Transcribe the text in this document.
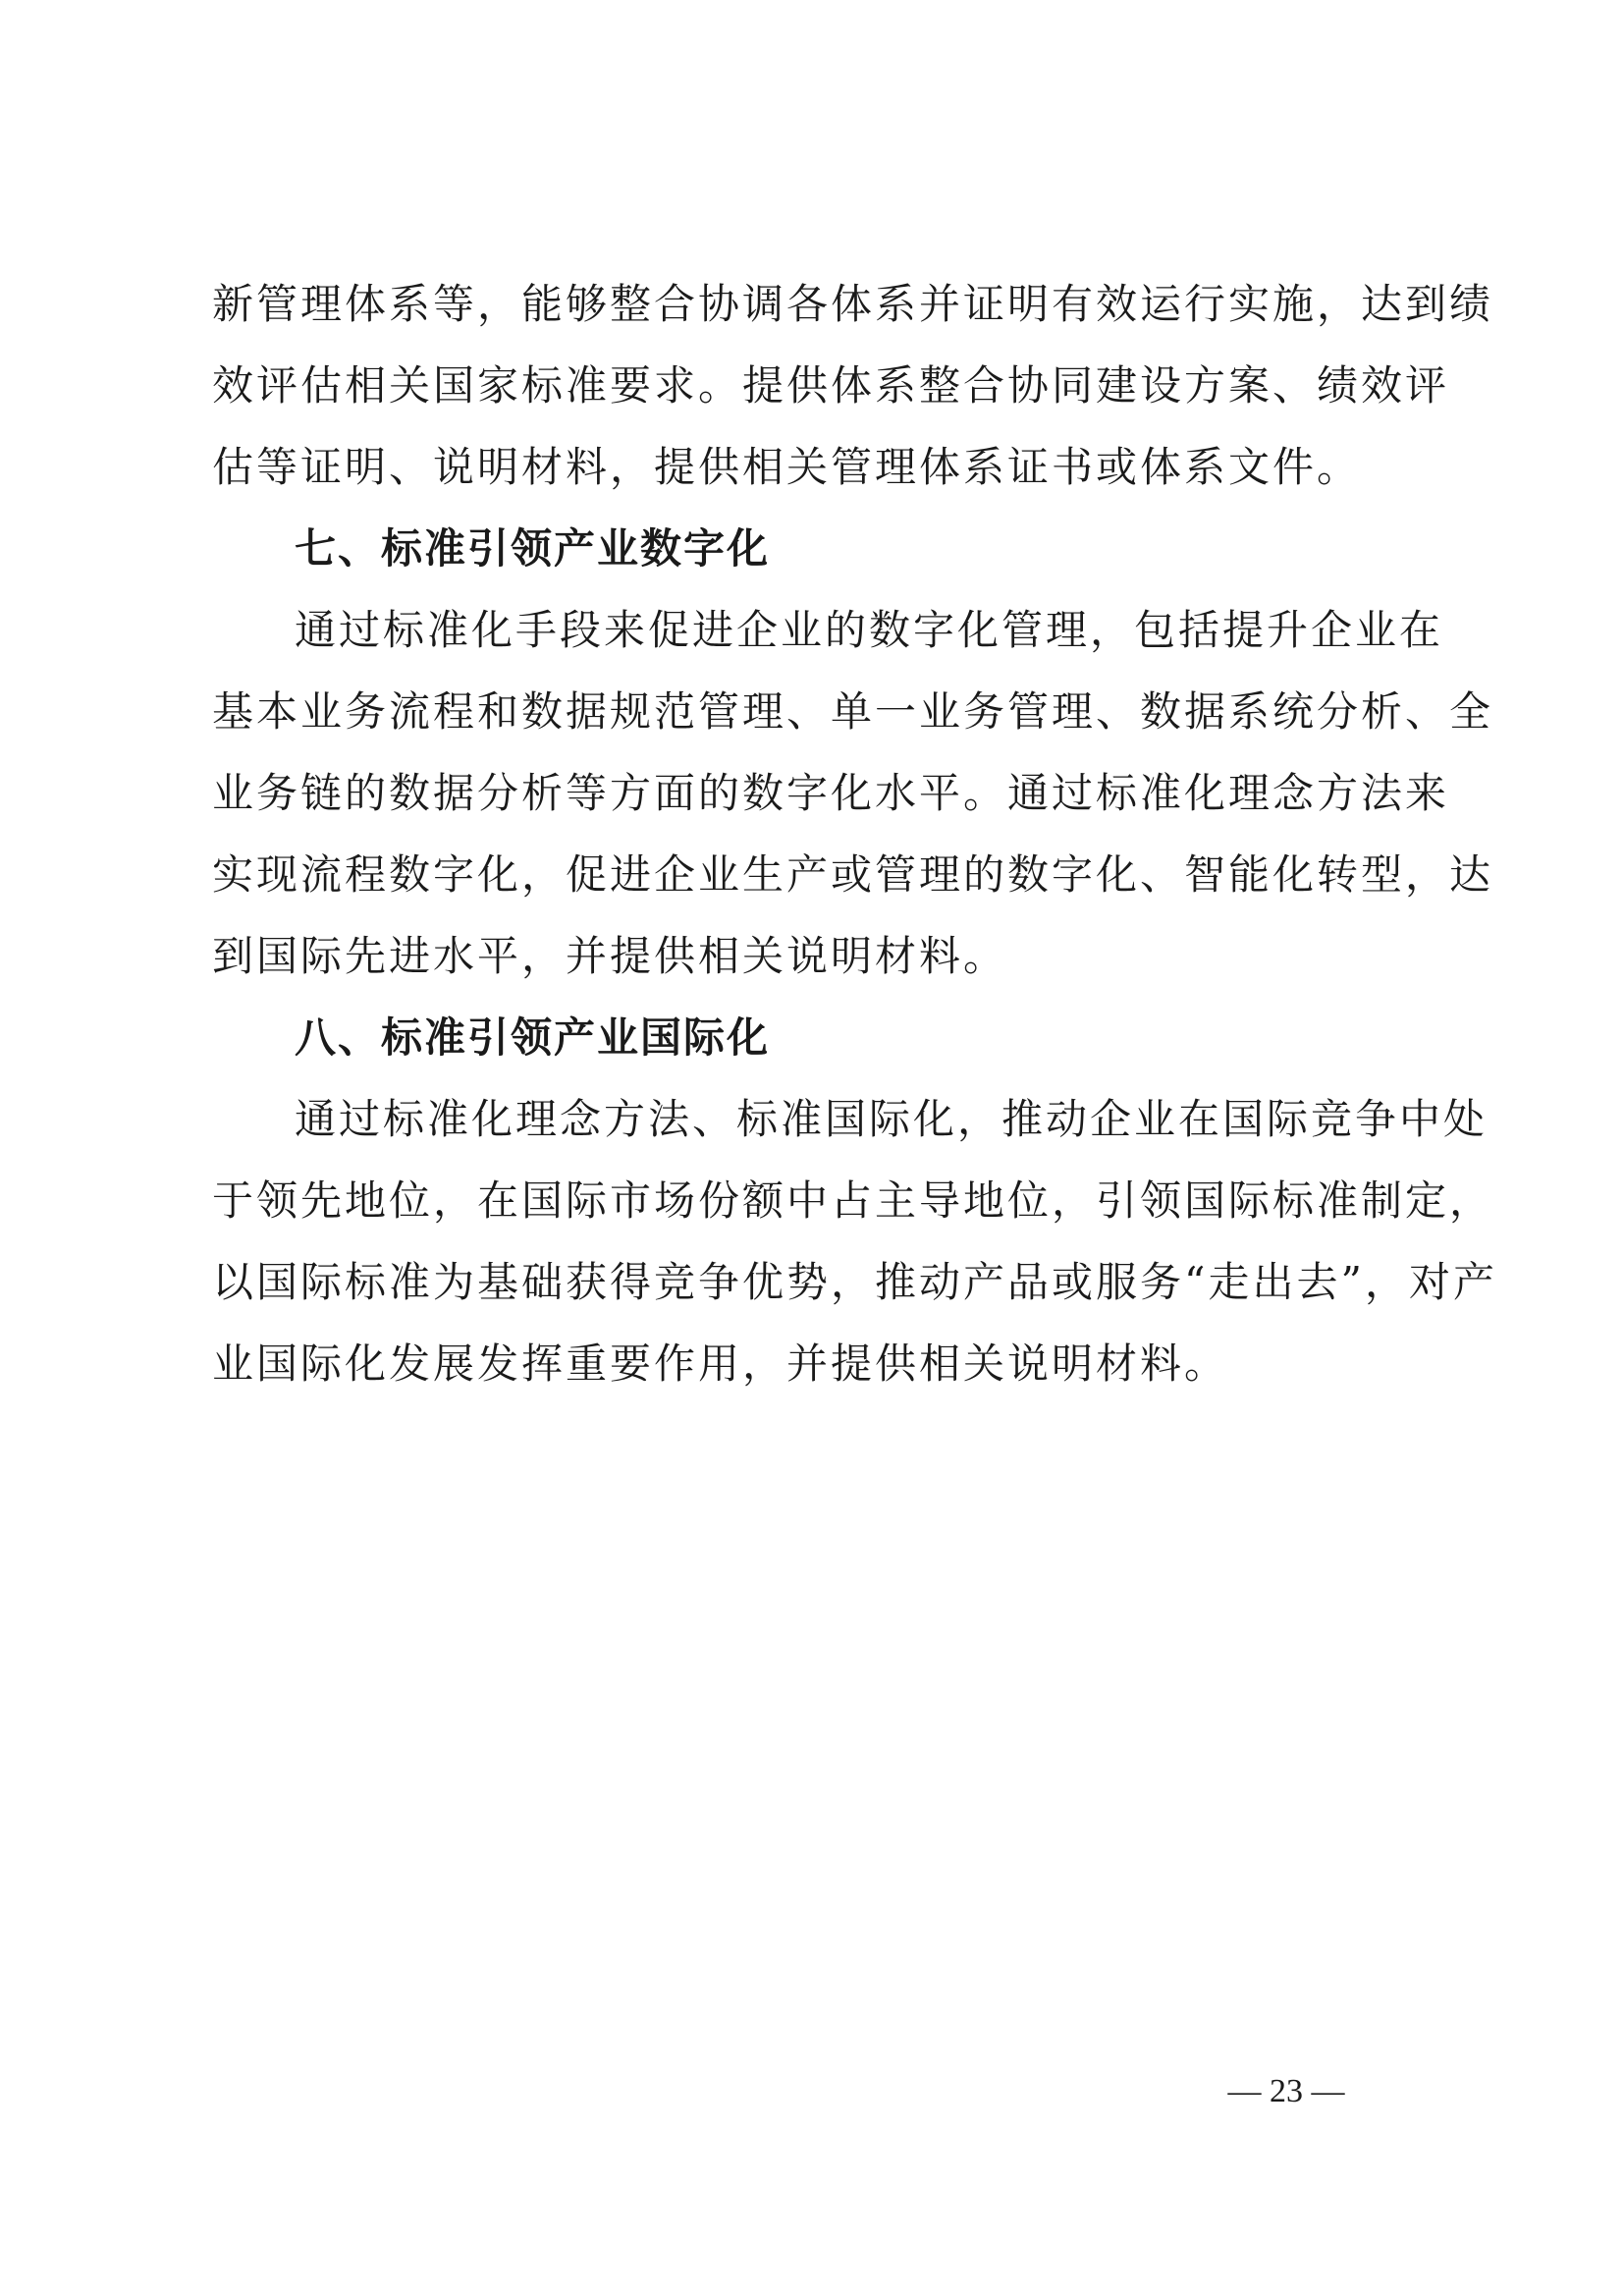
新管理体系等，能够整合协调各体系并证明有效运行实施，达到绩
效评估相关国家标准要求。提供体系整合协同建设方案、绩效评
估等证明、说明材料，提供相关管理体系证书或体系文件。
七、标准引领产业数字化
通过标准化手段来促进企业的数字化管理，包括提升企业在
基本业务流程和数据规范管理、单一业务管理、数据系统分析、全
业务链的数据分析等方面的数字化水平。通过标准化理念方法来
实现流程数字化，促进企业生产或管理的数字化、智能化转型，达
到国际先进水平，并提供相关说明材料。
八、标准引领产业国际化
通过标准化理念方法、标准国际化，推动企业在国际竞争中处
于领先地位，在国际市场份额中占主导地位，引领国际标准制定，
以国际标准为基础获得竞争优势，推动产品或服务“走出去”，对产
业国际化发展发挥重要作用，并提供相关说明材料。
— 23 —
